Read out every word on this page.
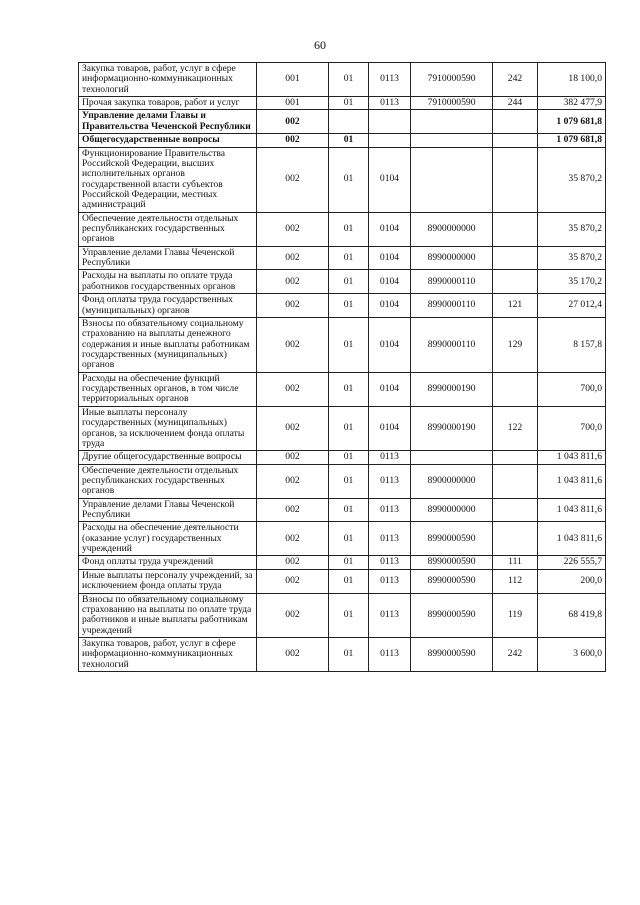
60
Закупка товаров, работ, услуг в сфере информационно-коммуникационных технологий	001	01	0113	7910000590	242	18 100,0
Прочая закупка товаров, работ и услуг	001	01	0113	7910000590	244	382 477,9
Управление делами Главы и Правительства Чеченской Республики	002					1 079 681,8
Общегосударственные вопросы	002	01				1 079 681,8
Функционирование Правительства Российской Федерации, высших исполнительных органов государственной власти субъектов Российской Федерации, местных администраций	002	01	0104			35 870,2
Обеспечение деятельности отдельных республиканских государственных органов	002	01	0104	8900000000		35 870,2
Управление делами Главы Чеченской Республики	002	01	0104	8990000000		35 870,2
Расходы на выплаты по оплате труда работников государственных органов	002	01	0104	8990000110		35 170,2
Фонд оплаты труда государственных (муниципальных) органов	002	01	0104	8990000110	121	27 012,4
Взносы по обязательному социальному страхованию на выплаты денежного содержания и иные выплаты работникам государственных (муниципальных) органов	002	01	0104	8990000110	129	8 157,8
Расходы на обеспечение функций государственных органов, в том числе территориальных органов	002	01	0104	8990000190		700,0
Иные выплаты персоналу государственных (муниципальных) органов, за исключением фонда оплаты труда	002	01	0104	8990000190	122	700,0
Другие общегосударственные вопросы	002	01	0113			1 043 811,6
Обеспечение деятельности отдельных республиканских государственных органов	002	01	0113	8900000000		1 043 811,6
Управление делами Главы Чеченской Республики	002	01	0113	8990000000		1 043 811,6
Расходы на обеспечение деятельности (оказание услуг) государственных учреждений	002	01	0113	8990000590		1 043 811,6
Фонд оплаты труда учреждений	002	01	0113	8990000590	111	226 555,7
Иные выплаты персоналу учреждений, за исключением фонда оплаты труда	002	01	0113	8990000590	112	200,0
Взносы по обязательному социальному страхованию на выплаты по оплате труда работников и иные выплаты работникам учреждений	002	01	0113	8990000590	119	68 419,8
Закупка товаров, работ, услуг в сфере информационно-коммуникационных технологий	002	01	0113	8990000590	242	3 600,0
